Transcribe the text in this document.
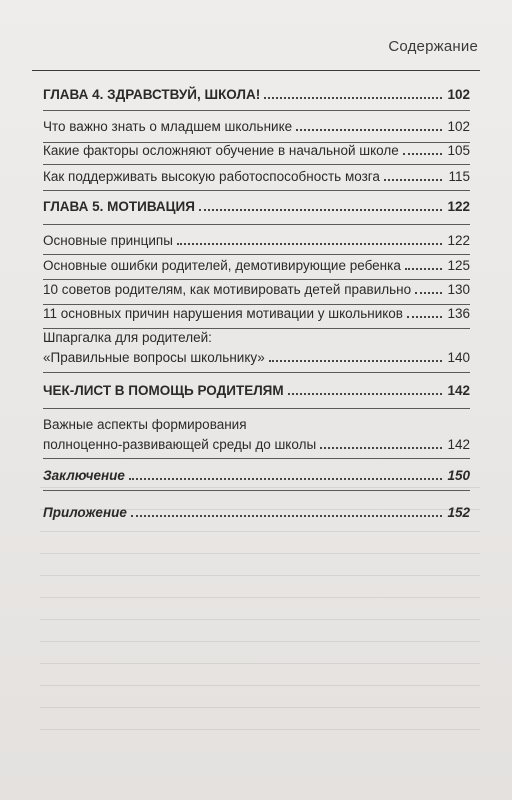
Содержание
ГЛАВА 4. ЗДРАВСТВУЙ, ШКОЛА!	102
Что важно знать о младшем школьнике	102
Какие факторы осложняют обучение в начальной школе	105
Как поддерживать высокую работоспособность мозга	115
ГЛАВА 5. МОТИВАЦИЯ	122
Основные принципы	122
Основные ошибки родителей, демотивирующие ребенка	125
10 советов родителям, как мотивировать детей правильно	130
11 основных причин нарушения мотивации у школьников	136
Шпаргалка для родителей:
«Правильные вопросы школьнику»	140
ЧЕК-ЛИСТ В ПОМОЩЬ РОДИТЕЛЯМ	142
Важные аспекты формирования
полноценно-развивающей среды до школы	142
Заключение	150
Приложение	152
